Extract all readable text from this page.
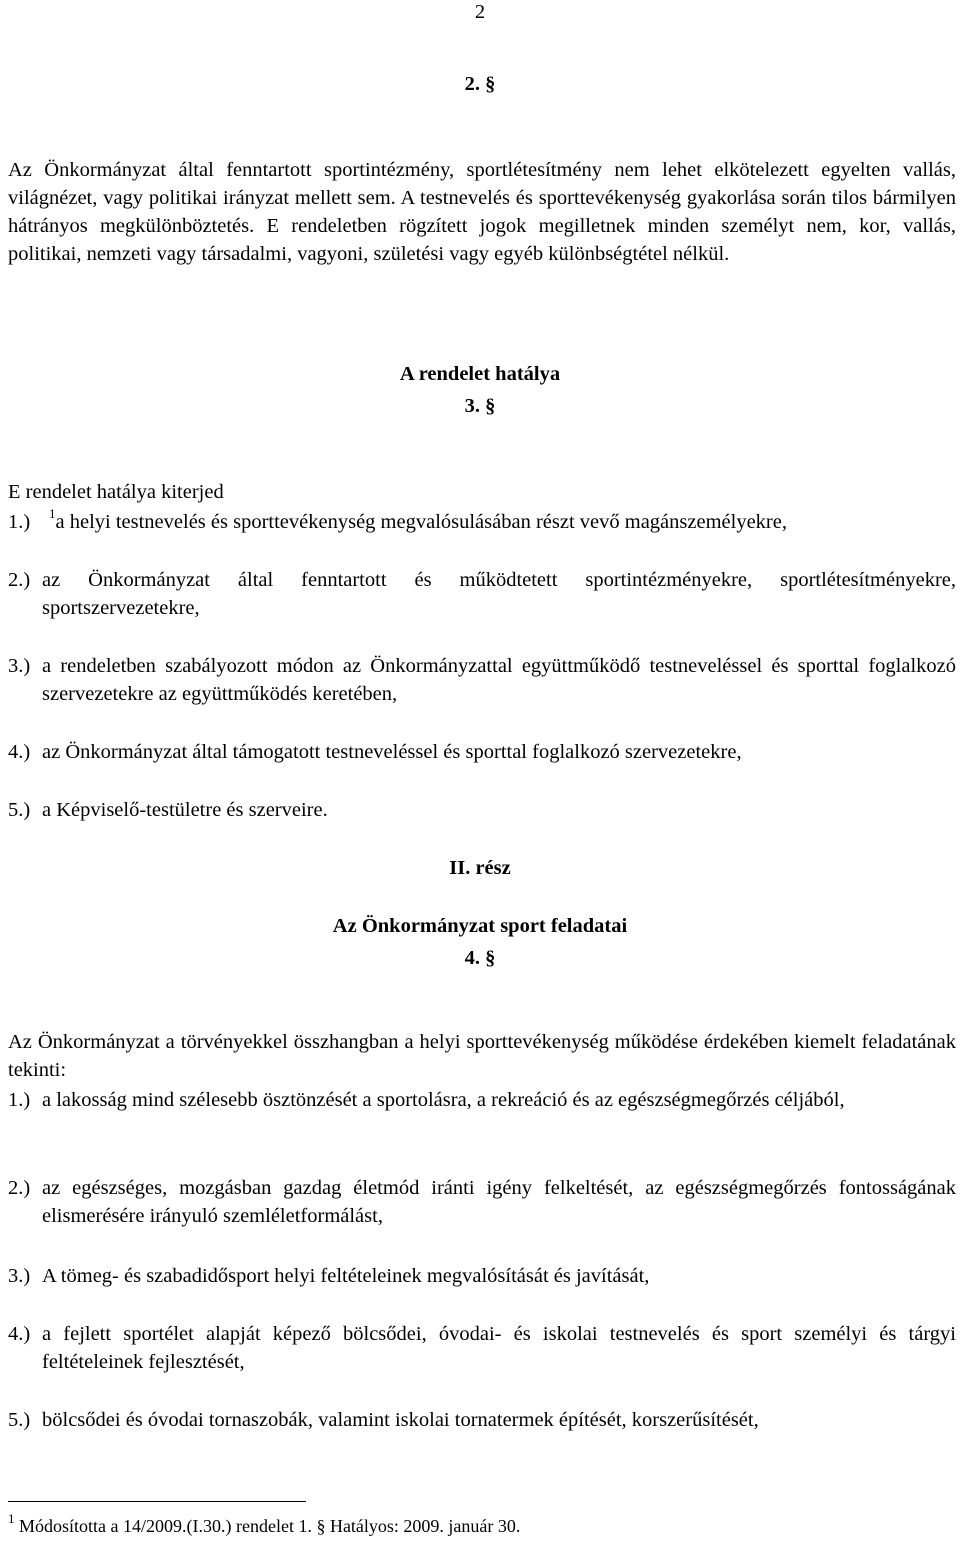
2
2. §
Az Önkormányzat által fenntartott sportintézmény, sportlétesítmény nem lehet elkötelezett egyelten vallás, világnézet, vagy politikai irányzat mellett sem. A testnevelés és sporttevékenység gyakorlása során tilos bármilyen hátrányos megkülönböztetés. E rendeletben rögzített jogok megilletnek minden személyt nem, kor, vallás, politikai, nemzeti vagy társadalmi, vagyoni, születési vagy egyéb különbségtétel nélkül.
A rendelet hatálya
3. §
E rendelet hatálya kiterjed
1.) $^1$a helyi testnevelés és sporttevékenység megvalósulásában részt vevő magánszemélyekre,
2.) az Önkormányzat által fenntartott és működtetett sportintézményekre, sportlétesítményekre, sportszervezetekre,
3.) a rendeletben szabályozott módon az Önkormányzattal együttműködő testneveléssel és sporttal foglalkozó szervezetekre az együttműködés keretében,
4.) az Önkormányzat által támogatott testneveléssel és sporttal foglalkozó szervezetekre,
5.) a Képviselő-testületre és szerveire.
II. rész
Az Önkormányzat sport feladatai
4. §
Az Önkormányzat a törvényekkel összhangban a helyi sporttevékenység működése érdekében kiemelt feladatának tekinti:
1.) a lakosság mind szélesebb ösztönzését a sportolásra, a rekreáció és az egészségmegőrzés céljából,
2.) az egészséges, mozgásban gazdag életmód iránti igény felkeltését, az egészségmegőrzés fontosságának elismerésére irányuló szemléletformálást,
3.) A tömeg- és szabadidősport helyi feltételeinek megvalósítását és javítását,
4.) a fejlett sportélet alapját képező bölcsődei, óvodai- és iskolai testnevelés és sport személyi és tárgyi feltételeinek fejlesztését,
5.) bölcsődei és óvodai tornaszobák, valamint iskolai tornatermek építését, korszerűsítését,
$^1$ Módosította a 14/2009.(I.30.) rendelet 1. § Hatályos: 2009. január 30.
